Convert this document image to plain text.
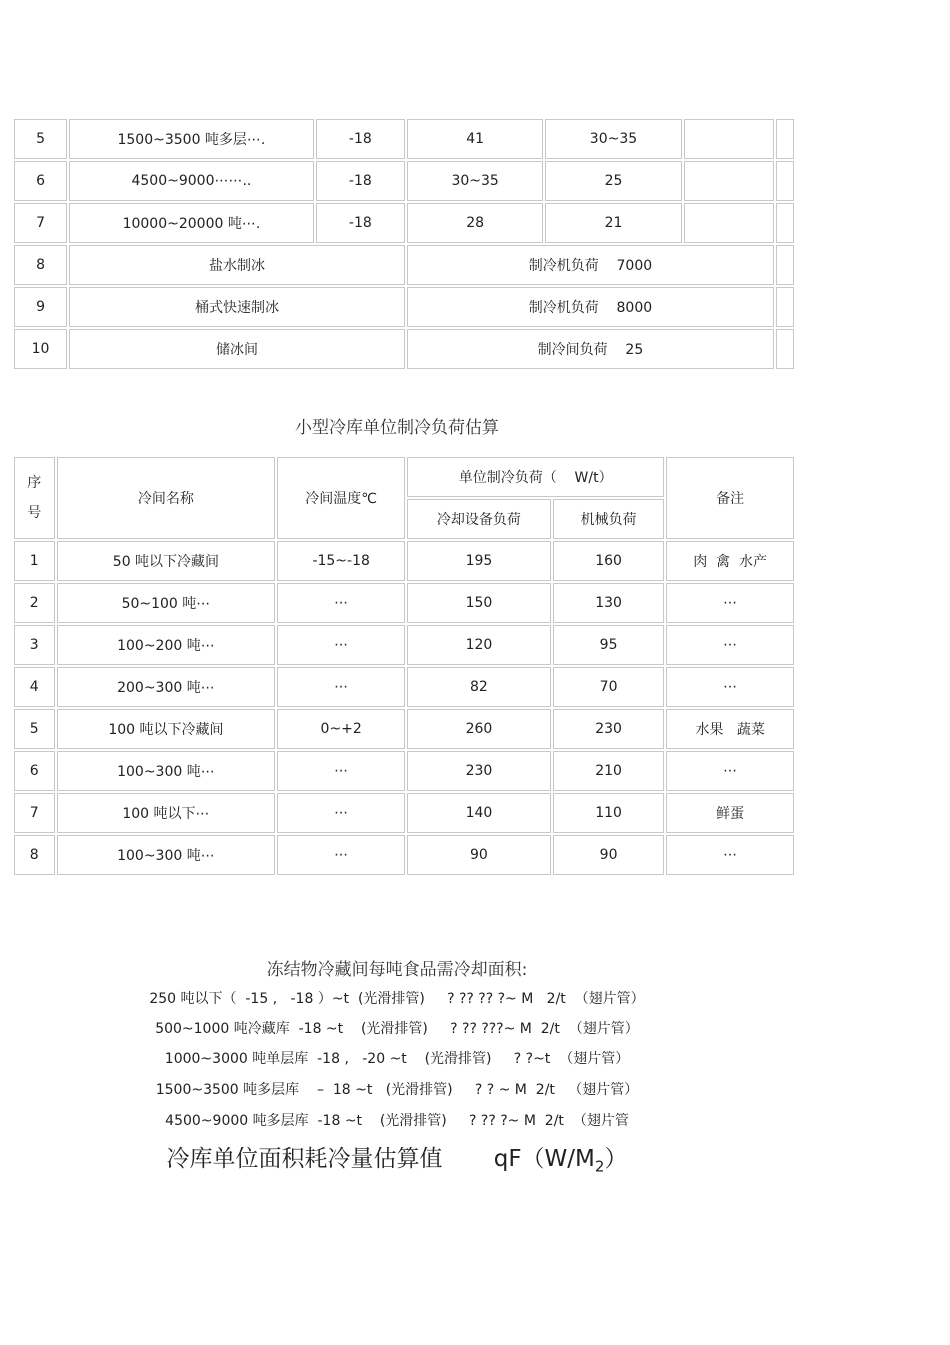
5	1500~3500 吨多层⋯.	-18	41	30~35		
6	4500~9000⋯⋯..	-18	30~35	25		
7	10000~20000 吨⋯.	-18	28	21		
8	盐水制冰		制冷机负荷    7000			
9	桶式快速制冰		制冷机负荷    8000			
10	储冰间		制冷间负荷    25			
小型冷库单位制冷负荷估算
序
号	冷间名称	冷间温度℃	单位制冷负荷（    W/t）		备注
			冷却设备负荷	机械负荷	
1	50 吨以下冷藏间	-15~-18	195	160	肉  禽  水产
2	50~100 吨⋯	⋯	150	130	⋯
3	100~200 吨⋯	⋯	120	95	⋯
4	200~300 吨⋯	⋯	82	70	⋯
5	100 吨以下冷藏间	0~+2	260	230	水果   蔬菜
6	100~300 吨⋯	⋯	230	210	⋯
7	100 吨以下⋯	⋯	140	110	鲜蛋
8	100~300 吨⋯	⋯	90	90	⋯
冻结物冷藏间每吨食品需冷却面积:
250 吨以下（  -15 ,   -18 ）~t  (光滑排管)     ? ?? ?? ?~ M   2/t  （翅片管）
500~1000 吨冷藏库  -18 ~t    (光滑排管)     ? ?? ???~ M  2/t  （翅片管）
1000~3000 吨单层库  -18 ,   -20 ~t    (光滑排管)     ? ?~t  （翅片管）
1500~3500 吨多层库    –  18 ~t   (光滑排管)     ? ? ~ M  2/t   （翅片管）
4500~9000 吨多层库  -18 ~t    (光滑排管)     ? ?? ?~ M  2/t  （翅片管
冷库单位面积耗冷量估算值       $qF(W/M_2)$
